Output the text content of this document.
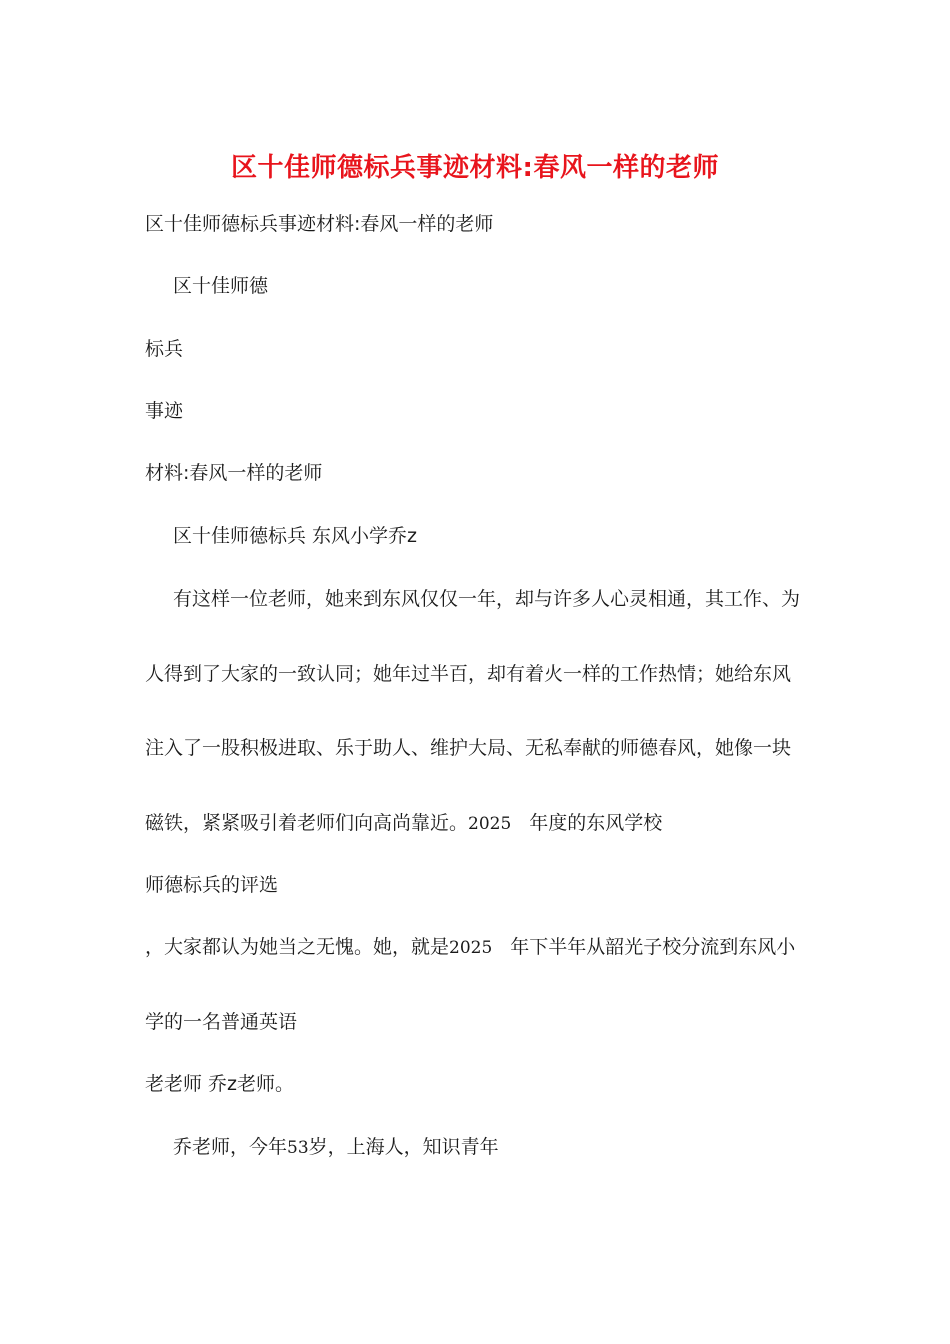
区十佳师德标兵事迹材料:春风一样的老师
区十佳师德标兵事迹材料:春风一样的老师
区十佳师德
标兵
事迹
材料:春风一样的老师
区十佳师德标兵 东风小学乔z
有这样一位老师，她来到东风仅仅一年，却与许多人心灵相通，其工作、为
人得到了大家的一致认同；她年过半百，却有着火一样的工作热情；她给东风
注入了一股积极进取、乐于助人、维护大局、无私奉献的师德春风，她像一块
磁铁，紧紧吸引着老师们向高尚靠近。2025 年度的东风学校
师德标兵的评选
，大家都认为她当之无愧。她，就是2025 年下半年从韶光子校分流到东风小
学的一名普通英语
老老师 乔z老师。
乔老师，今年53岁，上海人，知识青年
